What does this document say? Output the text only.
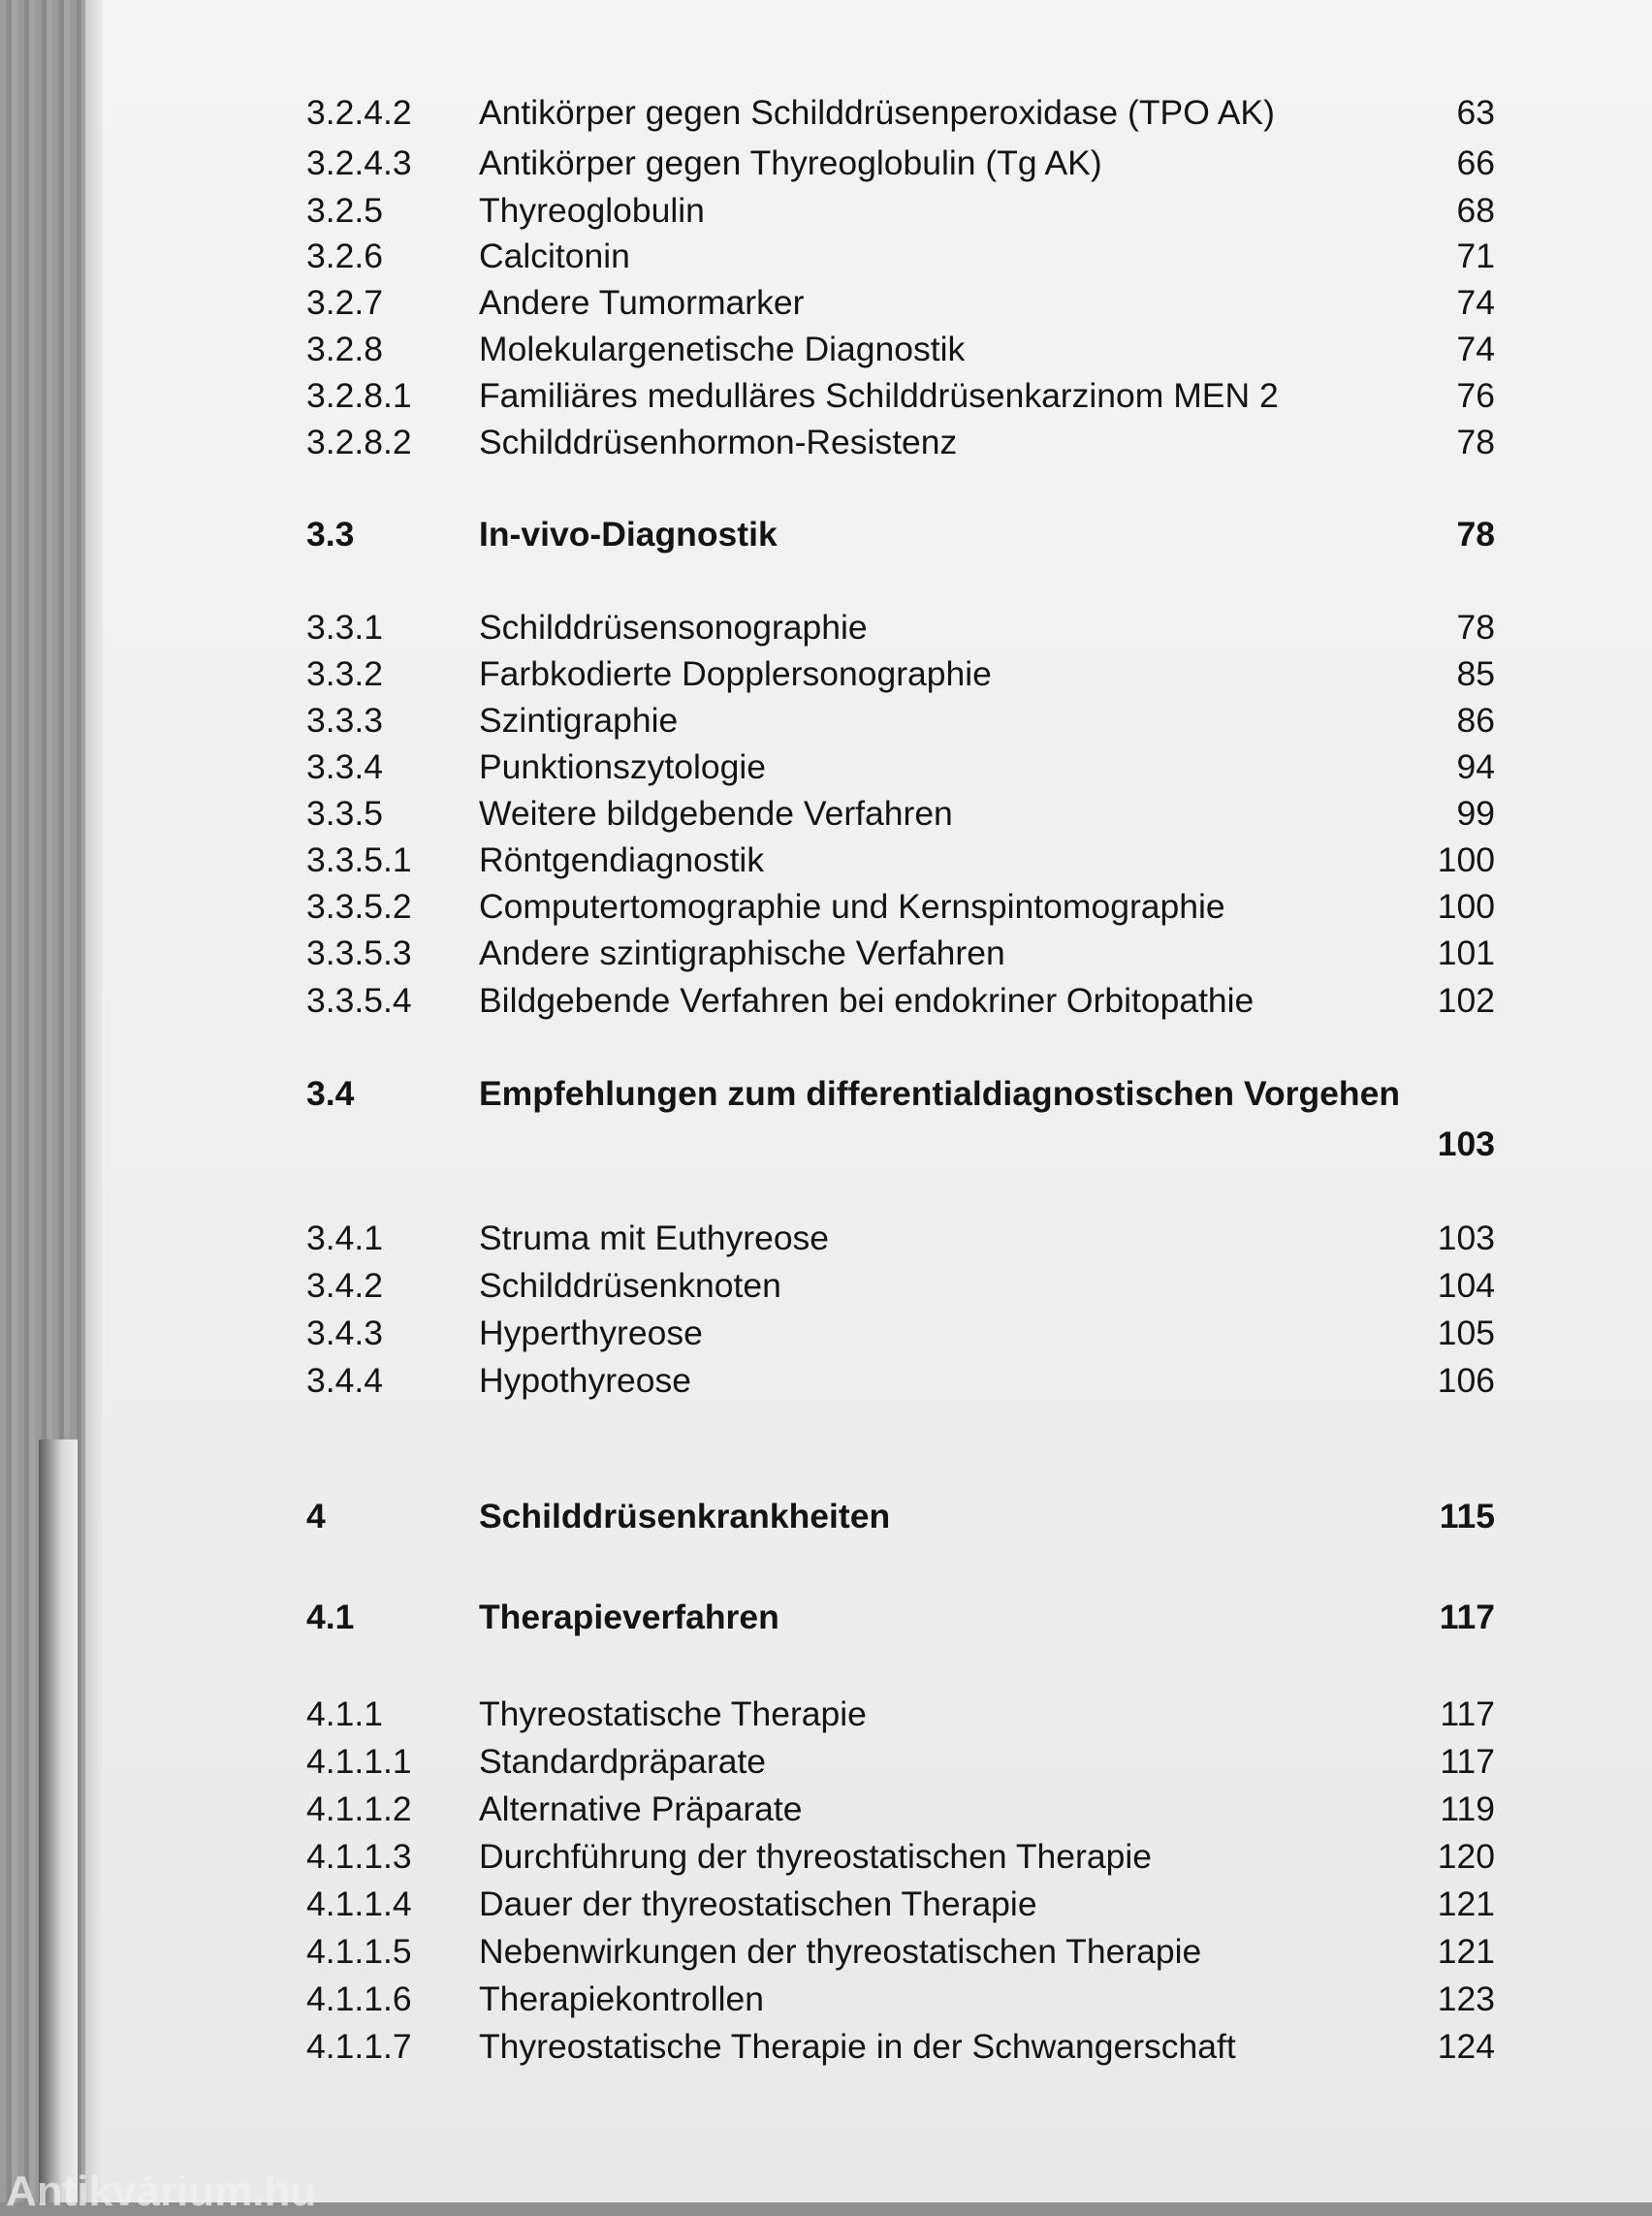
3.2.4.2 Antikörper gegen Schilddrüsenperoxidase (TPO AK)	63
3.2.4.3 Antikörper gegen Thyreoglobulin (Tg AK)	66
3.2.5	Thyreoglobulin	68
3.2.6	Calcitonin	71
3.2.7	Andere Tumormarker	74
3.2.8	Molekulargenetische Diagnostik	74
3.2.8.1 Familiäres medulläres Schilddrüsenkarzinom MEN 2	76
3.2.8.2 Schilddrüsenhormon-Resistenz	78
3.3	In-vivo-Diagnostik	78
3.3.1	Schilddrüsensonographie	78
3.3.2	Farbkodierte Dopplersonographie	85
3.3.3	Szintigraphie	86
3.3.4	Punktionszytologie	94
3.3.5	Weitere bildgebende Verfahren	99
3.3.5.1 Röntgendiagnostik	100
3.3.5.2 Computertomographie und Kernspintomographie	100
3.3.5.3 Andere szintigraphische Verfahren	101
3.3.5.4 Bildgebende Verfahren bei endokriner Orbitopathie	102
3.4	Empfehlungen zum differentialdiagnostischen Vorgehen
103
3.4.1	Struma mit Euthyreose	103
3.4.2	Schilddrüsenknoten	104
3.4.3	Hyperthyreose	105
3.4.4	Hypothyreose	106
4	Schilddrüsenkrankheiten	115
4.1	Therapieverfahren	117
4.1.1	Thyreostatische Therapie	117
4.1.1.1 Standardpräparate	117
4.1.1.2 Alternative Präparate	119
4.1.1.3 Durchführung der thyreostatischen Therapie	120
4.1.1.4 Dauer der thyreostatischen Therapie	121
4.1.1.5 Nebenwirkungen der thyreostatischen Therapie	121
4.1.1.6 Therapiekontrollen	123
4.1.1.7 Thyreostatische Therapie in der Schwangerschaft	124
Antikvárium.hu
